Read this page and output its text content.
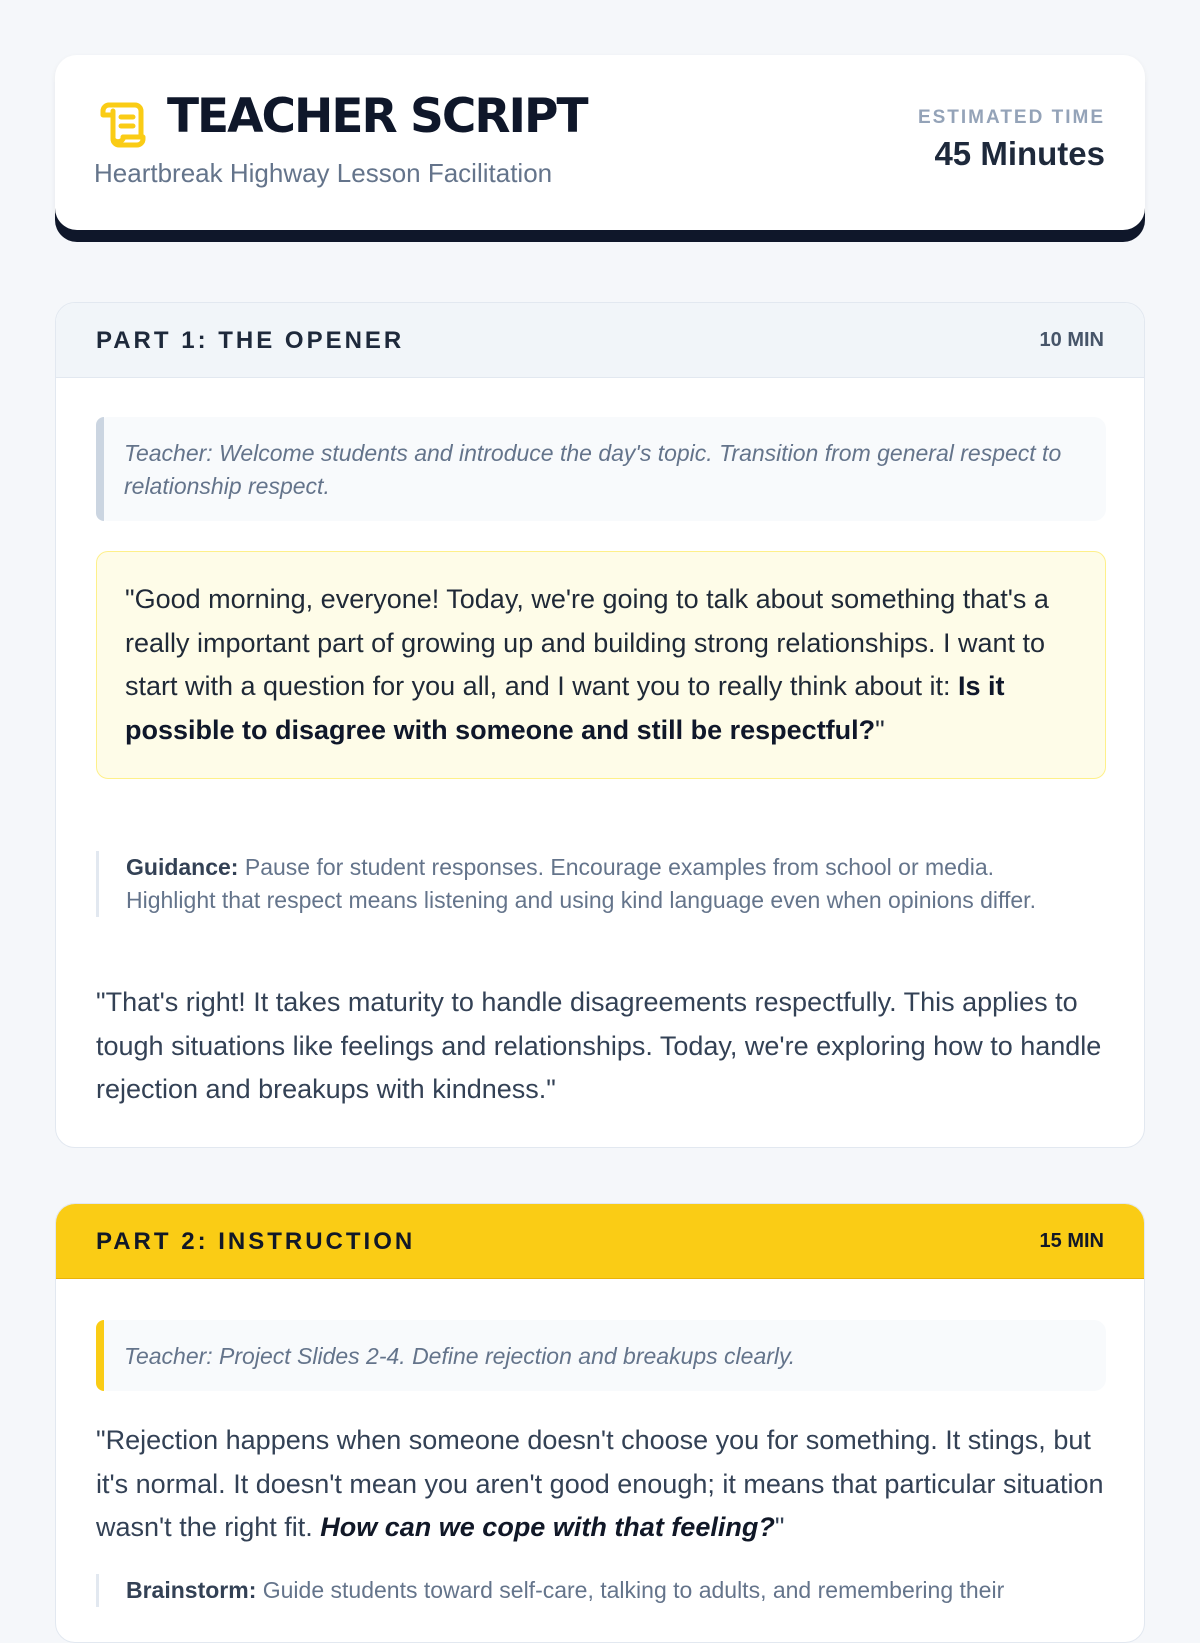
TEACHER SCRIPT
Heartbreak Highway Lesson Facilitation
ESTIMATED TIME
45 Minutes
PART 1: THE OPENER	10 MIN
Teacher: Welcome students and introduce the day's topic. Transition from general respect to relationship respect.
"Good morning, everyone! Today, we're going to talk about something that's a really important part of growing up and building strong relationships. I want to start with a question for you all, and I want you to really think about it: Is it possible to disagree with someone and still be respectful?"
Guidance: Pause for student responses. Encourage examples from school or media. Highlight that respect means listening and using kind language even when opinions differ.
"That's right! It takes maturity to handle disagreements respectfully. This applies to tough situations like feelings and relationships. Today, we're exploring how to handle rejection and breakups with kindness."
PART 2: INSTRUCTION	15 MIN
Teacher: Project Slides 2-4. Define rejection and breakups clearly.
"Rejection happens when someone doesn't choose you for something. It stings, but it's normal. It doesn't mean you aren't good enough; it means that particular situation wasn't the right fit. How can we cope with that feeling?"
Brainstorm: Guide students toward self-care, talking to adults, and remembering their
